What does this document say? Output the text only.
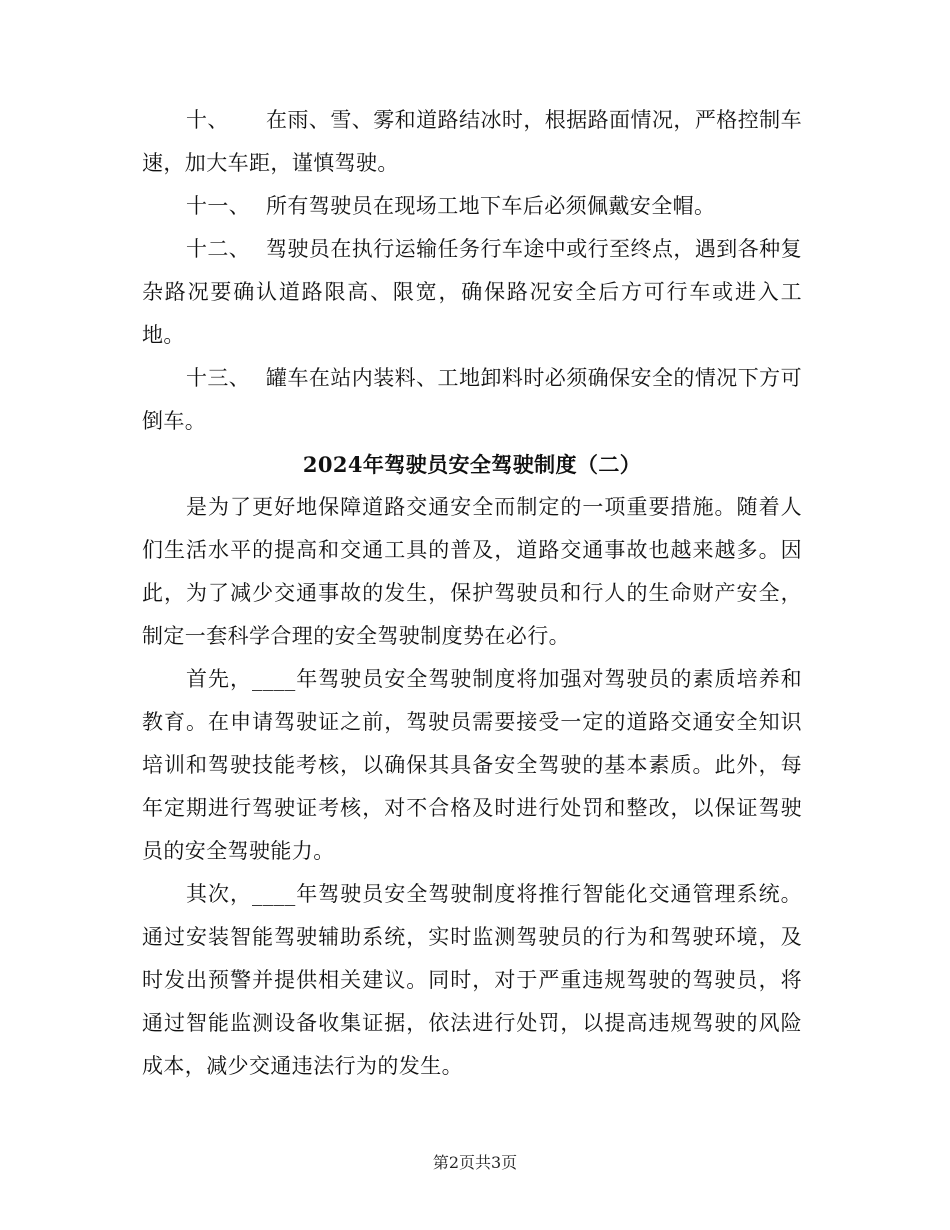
十、 在雨、雪、雾和道路结冰时，根据路面情况，严格控制车速，加大车距，谨慎驾驶。

十一、 所有驾驶员在现场工地下车后必须佩戴安全帽。

十二、 驾驶员在执行运输任务行车途中或行至终点，遇到各种复杂路况要确认道路限高、限宽，确保路况安全后方可行车或进入工地。

十三、 罐车在站内装料、工地卸料时必须确保安全的情况下方可倒车。

2024年驾驶员安全驾驶制度（二）

是为了更好地保障道路交通安全而制定的一项重要措施。随着人们生活水平的提高和交通工具的普及，道路交通事故也越来越多。因此，为了减少交通事故的发生，保护驾驶员和行人的生命财产安全，制定一套科学合理的安全驾驶制度势在必行。

首先，____年驾驶员安全驾驶制度将加强对驾驶员的素质培养和教育。在申请驾驶证之前，驾驶员需要接受一定的道路交通安全知识培训和驾驶技能考核，以确保其具备安全驾驶的基本素质。此外，每年定期进行驾驶证考核，对不合格及时进行处罚和整改，以保证驾驶员的安全驾驶能力。

其次，____年驾驶员安全驾驶制度将推行智能化交通管理系统。通过安装智能驾驶辅助系统，实时监测驾驶员的行为和驾驶环境，及时发出预警并提供相关建议。同时，对于严重违规驾驶的驾驶员，将通过智能监测设备收集证据，依法进行处罚，以提高违规驾驶的风险成本，减少交通违法行为的发生。

第2页共3页
